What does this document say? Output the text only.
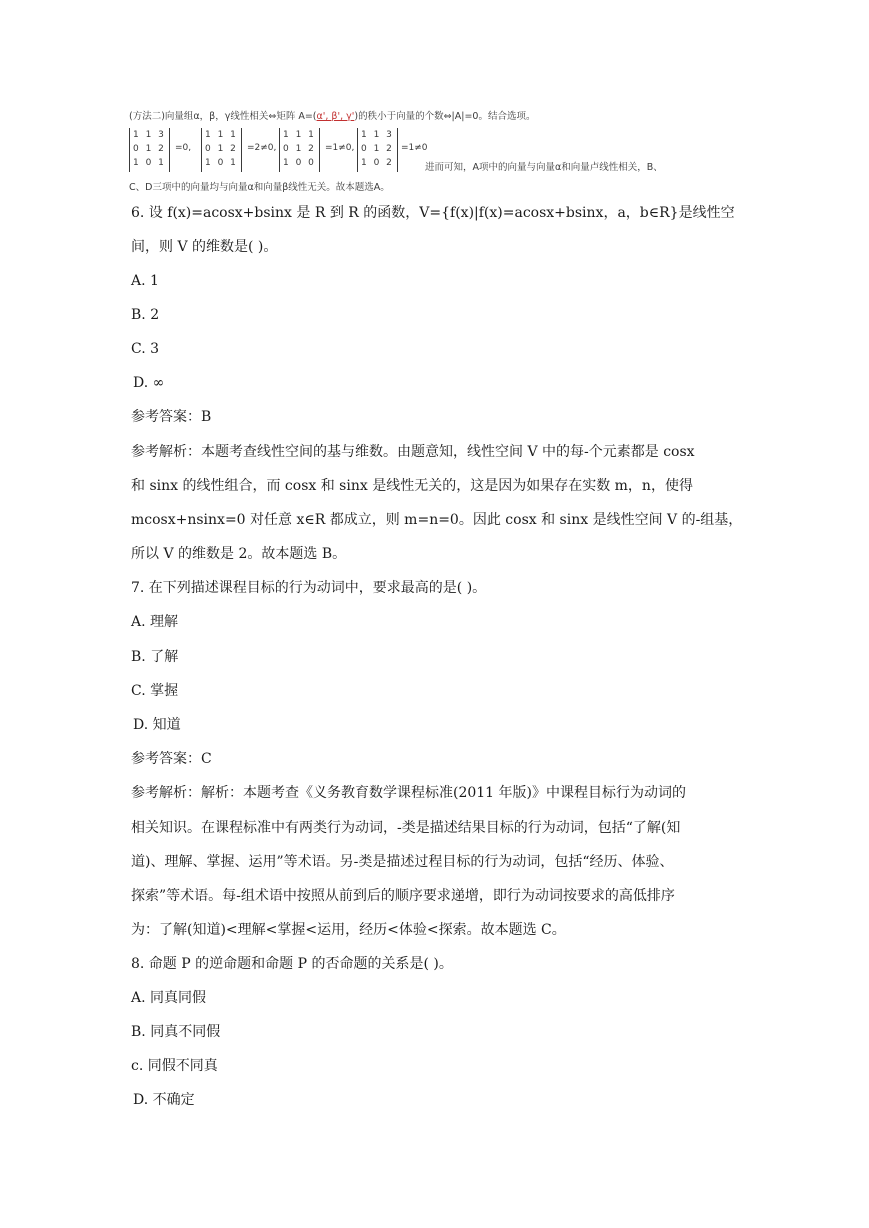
(方法二)向量组α，β，γ线性相关⇔矩阵 A=(α', β', γ')的秩小于向量的个数⇔|A|=0。结合选项。
1 1 3
0 1 2
1 0 1
=0,
1 1 1
0 1 2
1 0 1
=2≠0,
1 1 1
0 1 2
1 0 0
=1≠0,
1 1 3
0 1 2
1 0 2
=1≠0
进而可知，A项中的向量与向量α和向量卢线性相关，B、
C、D三项中的向量均与向量α和向量β线性无关。故本题选A。
6. 设 f(x)=acosx+bsinx 是 R 到 R 的函数，V={f(x)|f(x)=acosx+bsinx，a，b∈R}是线性空
间，则 V 的维数是( )。
A. 1
B. 2
C. 3
D. ∞
参考答案：B
参考解析：本题考查线性空间的基与维数。由题意知，线性空间 V 中的每-个元素都是 cosx
和 sinx 的线性组合，而 cosx 和 sinx 是线性无关的，这是因为如果存在实数 m，n，使得
mcosx+nsinx=0 对任意 x∈R 都成立，则 m=n=0。因此 cosx 和 sinx 是线性空间 V 的-组基，
所以 V 的维数是 2。故本题选 B。
7. 在下列描述课程目标的行为动词中，要求最高的是( )。
A. 理解
B. 了解
C. 掌握
D. 知道
参考答案：C
参考解析：解析：本题考查《义务教育数学课程标准(2011 年版)》中课程目标行为动词的
相关知识。在课程标准中有两类行为动词，-类是描述结果目标的行为动词，包括“了解(知
道)、理解、掌握、运用”等术语。另-类是描述过程目标的行为动词，包括“经历、体验、
探索”等术语。每-组术语中按照从前到后的顺序要求递增，即行为动词按要求的高低排序
为：了解(知道)<理解<掌握<运用，经历<体验<探索。故本题选 C。
8. 命题 P 的逆命题和命题 P 的否命题的关系是( )。
A. 同真同假
B. 同真不同假
c. 同假不同真
D. 不确定
